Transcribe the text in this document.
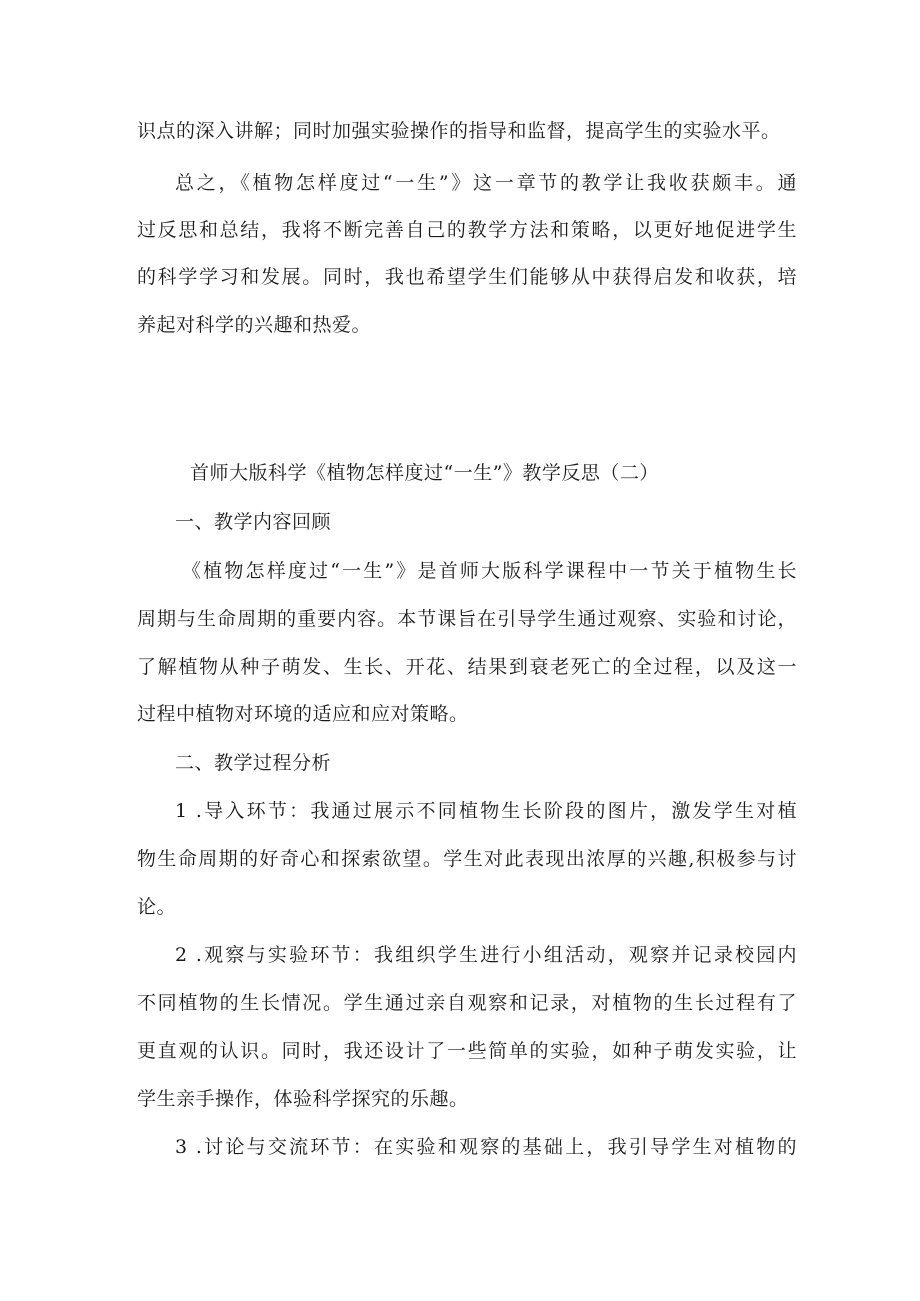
识点的深入讲解；同时加强实验操作的指导和监督，提高学生的实验水平。
总之，《植物怎样度过“一生”》这一章节的教学让我收获颇丰。通
过反思和总结，我将不断完善自己的教学方法和策略，以更好地促进学生
的科学学习和发展。同时，我也希望学生们能够从中获得启发和收获，培
养起对科学的兴趣和热爱。
首师大版科学《植物怎样度过“一生”》教学反思（二）
一、教学内容回顾
《植物怎样度过“一生”》是首师大版科学课程中一节关于植物生长
周期与生命周期的重要内容。本节课旨在引导学生通过观察、实验和讨论，
了解植物从种子萌发、生长、开花、结果到衰老死亡的全过程，以及这一
过程中植物对环境的适应和应对策略。
二、教学过程分析
1 .导入环节：我通过展示不同植物生长阶段的图片，激发学生对植
物生命周期的好奇心和探索欲望。学生对此表现出浓厚的兴趣,积极参与讨
论。
2 .观察与实验环节：我组织学生进行小组活动，观察并记录校园内
不同植物的生长情况。学生通过亲自观察和记录，对植物的生长过程有了
更直观的认识。同时，我还设计了一些简单的实验，如种子萌发实验，让
学生亲手操作，体验科学探究的乐趣。
3 .讨论与交流环节：在实验和观察的基础上，我引导学生对植物的
